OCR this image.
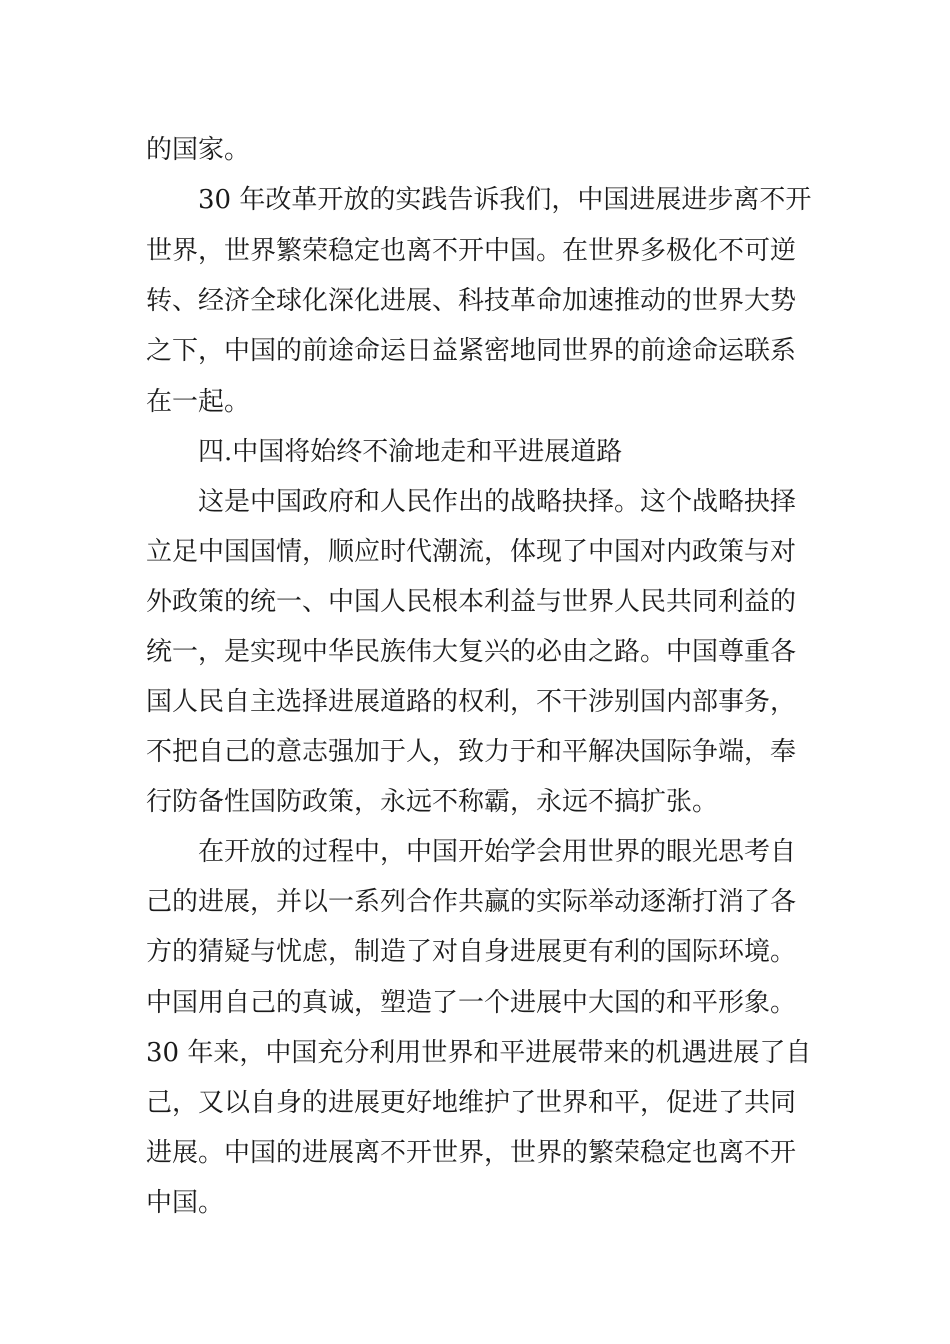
的国家。

30 年改革开放的实践告诉我们，中国进展进步离不开

世界，世界繁荣稳定也离不开中国。在世界多极化不可逆

转、经济全球化深化进展、科技革命加速推动的世界大势

之下，中国的前途命运日益紧密地同世界的前途命运联系

在一起。

四.中国将始终不渝地走和平进展道路

这是中国政府和人民作出的战略抉择。这个战略抉择

立足中国国情，顺应时代潮流，体现了中国对内政策与对

外政策的统一、中国人民根本利益与世界人民共同利益的

统一，是实现中华民族伟大复兴的必由之路。中国尊重各

国人民自主选择进展道路的权利，不干涉别国内部事务，

不把自己的意志强加于人，致力于和平解决国际争端，奉

行防备性国防政策，永远不称霸，永远不搞扩张。

在开放的过程中，中国开始学会用世界的眼光思考自

己的进展，并以一系列合作共赢的实际举动逐渐打消了各

方的猜疑与忧虑，制造了对自身进展更有利的国际环境。

中国用自己的真诚，塑造了一个进展中大国的和平形象。

30 年来，中国充分利用世界和平进展带来的机遇进展了自

己，又以自身的进展更好地维护了世界和平，促进了共同

进展。中国的进展离不开世界，世界的繁荣稳定也离不开

中国。
